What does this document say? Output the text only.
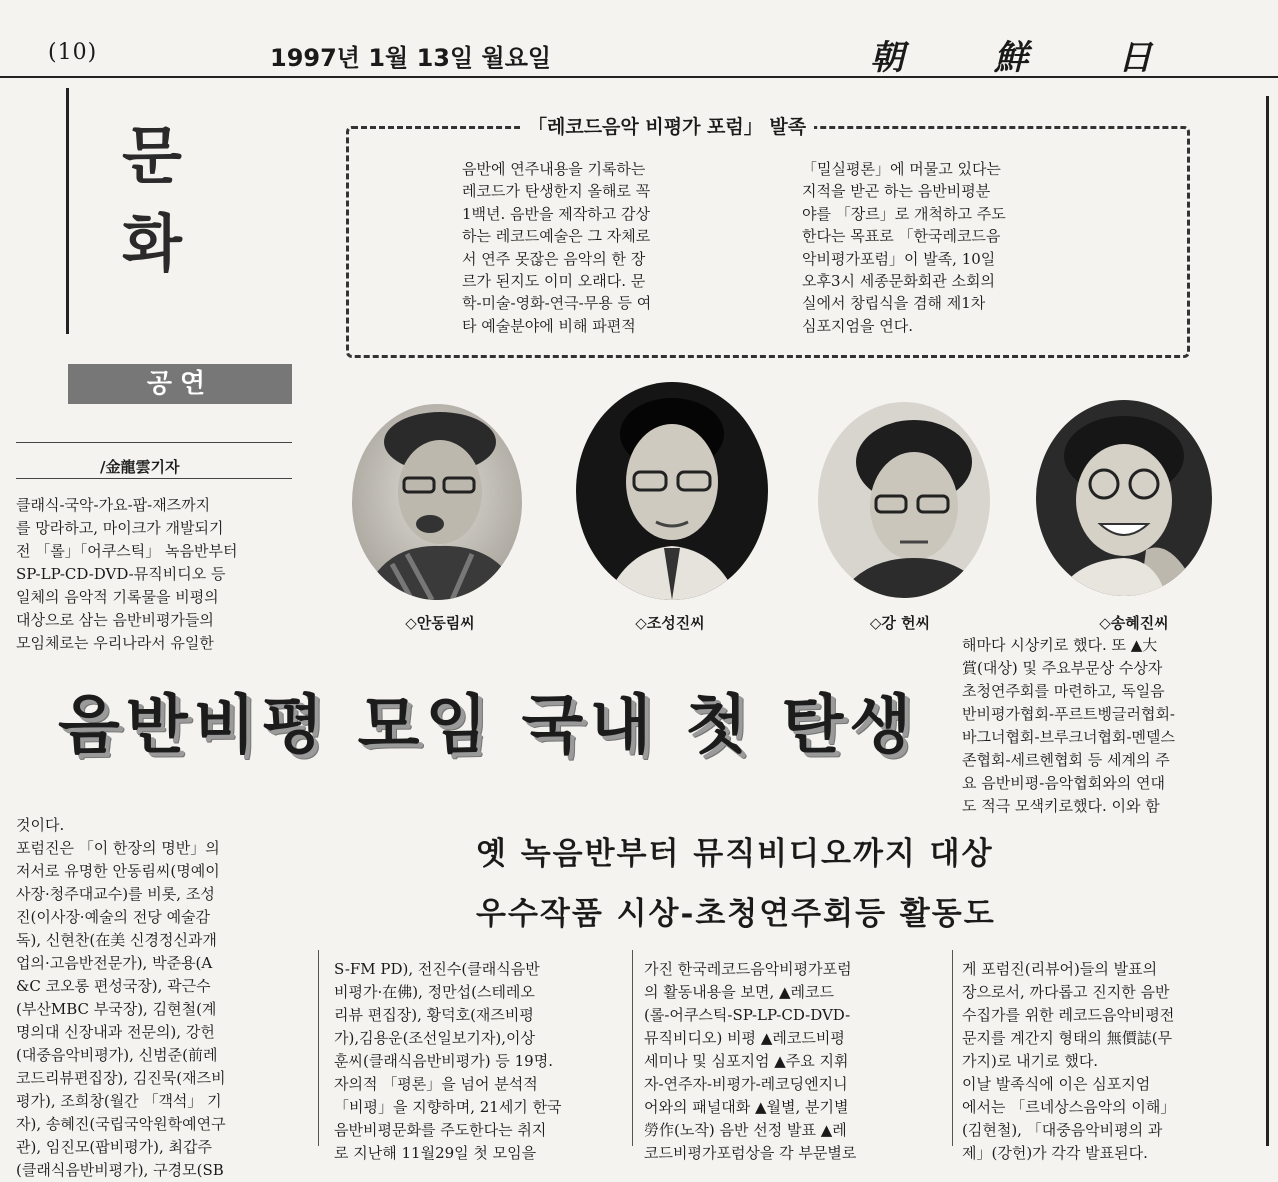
(10)	1997년 1월 13일 월요일	朝鮮日
문화
공연
/金龍雲기자
「레코드음악 비평가 포럼」 발족
음반에 연주내용을 기록하는
레코드가 탄생한지 올해로 꼭
1백년. 음반을 제작하고 감상
하는 레코드예술은 그 자체로
서 연주 못잖은 음악의 한 장
르가 된지도 이미 오래다. 문
학-미술-영화-연극-무용 등 여
타 예술분야에 비해 파편적
「밀실평론」에 머물고 있다는
지적을 받곤 하는 음반비평분
야를 「장르」로 개척하고 주도
한다는 목표로 「한국레코드음
악비평가포럼」이 발족, 10일
오후3시 세종문화회관 소회의
실에서 창립식을 겸해 제1차
심포지엄을 연다.
◇안동림씨	◇조성진씨	◇강 헌씨	◇송혜진씨
클래식-국악-가요-팝-재즈까지
를 망라하고, 마이크가 개발되기
전 「롤」「어쿠스틱」 녹음반부터
SP-LP-CD-DVD-뮤직비디오 등
일체의 음악적 기록물을 비평의
대상으로 삼는 음반비평가들의
모임체로는 우리나라서 유일한	해마다 시상키로 했다. 또 ▲大
賞(대상) 및 주요부문상 수상자
초청연주회를 마련하고, 독일음
반비평가협회-푸르트벵글러협회-
바그너협회-브루크너협회-멘델스
존협회-세르헨협회 등 세계의 주
요 음반비평-음악협회와의 연대
도 적극 모색키로했다. 이와 함
음반비평 모임 국내 첫 탄생
옛 녹음반부터 뮤직비디오까지 대상
우수작품 시상-초청연주회등 활동도
것이다.
포럼진은 「이 한장의 명반」의
저서로 유명한 안동림씨(명예이
사장·청주대교수)를 비롯, 조성
진(이사장·예술의 전당 예술감
독), 신현찬(在美 신경정신과개
업의·고음반전문가), 박준용(A
&C 코오롱 편성국장), 곽근수
(부산MBC 부국장), 김현철(계
명의대 신장내과 전문의), 강헌
(대중음악비평가), 신범준(前레
코드리뷰편집장), 김진묵(재즈비
평가), 조희창(월간 「객석」 기
자), 송혜진(국립국악원학예연구
관), 임진모(팝비평가), 최갑주
(클래식음반비평가), 구경모(SB
S-FM PD), 전진수(클래식음반
비평가·在佛), 정만섭(스테레오
리뷰 편집장), 황덕호(재즈비평
가),김용운(조선일보기자),이상
훈씨(클래식음반비평가) 등 19명.
자의적 「평론」을 넘어 분석적
「비평」을 지향하며, 21세기 한국
음반비평문화를 주도한다는 취지
로 지난해 11월29일 첫 모임을
가진 한국레코드음악비평가포럼
의 활동내용을 보면, ▲레코드
(롤-어쿠스틱-SP-LP-CD-DVD-
뮤직비디오) 비평 ▲레코드비평
세미나 및 심포지엄 ▲주요 지휘
자-연주자-비평가-레코딩엔지니
어와의 패널대화 ▲월별, 분기별
勞作(노작) 음반 선정 발표 ▲레
코드비평가포럼상을 각 부문별로
게 포럼진(리뷰어)들의 발표의
장으로서, 까다롭고 진지한 음반
수집가를 위한 레코드음악비평전
문지를 계간지 형태의 無價誌(무
가지)로 내기로 했다.
이날 발족식에 이은 심포지엄
에서는 「르네상스음악의 이해」
(김현철), 「대중음악비평의 과
제」(강헌)가 각각 발표된다.
